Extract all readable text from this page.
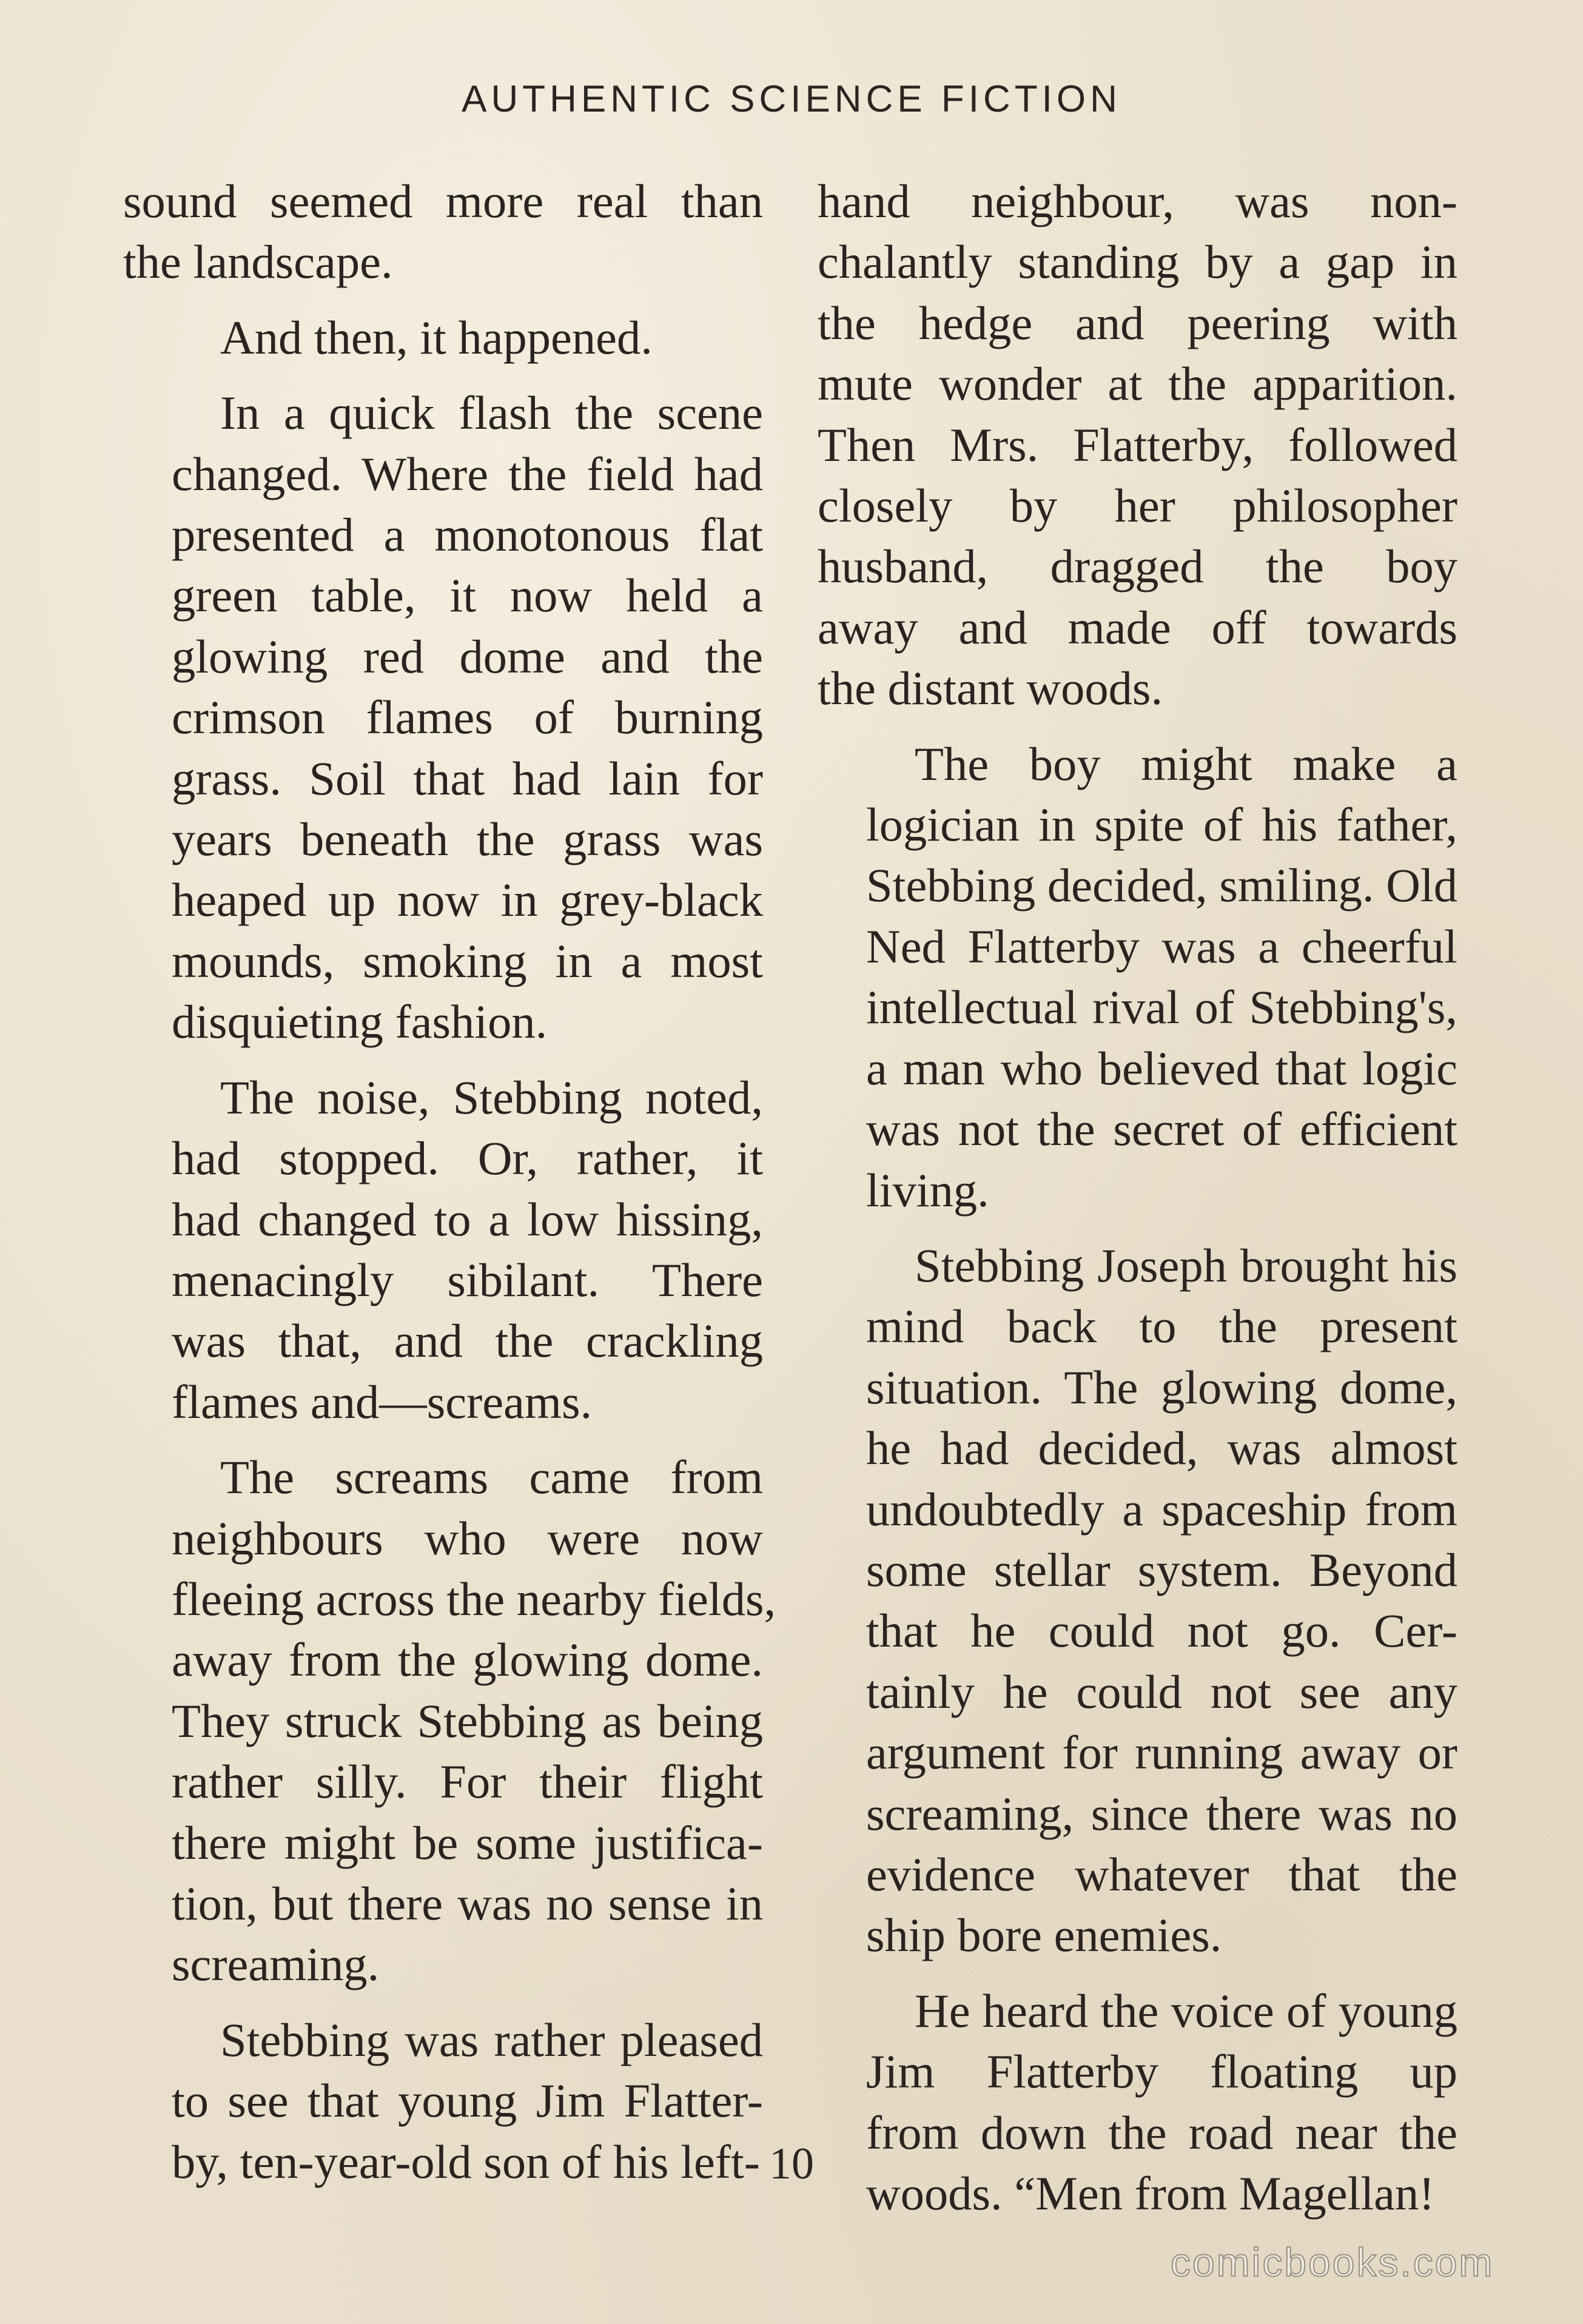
AUTHENTIC SCIENCE FICTION

sound seemed more real than
the landscape.

And then, it happened.

In a quick flash the scene
changed. Where the field had
presented a monotonous flat
green table, it now held a
glowing red dome and the
crimson flames of burning
grass. Soil that had lain for
years beneath the grass was
heaped up now in grey-black
mounds, smoking in a most
disquieting fashion.

The noise, Stebbing noted,
had stopped. Or, rather, it
had changed to a low hissing,
menacingly sibilant. There
was that, and the crackling
flames and—screams.

The screams came from
neighbours who were now
fleeing across the nearby fields,
away from the glowing dome.
They struck Stebbing as being
rather silly. For their flight
there might be some justifica-
tion, but there was no sense in
screaming.

Stebbing was rather pleased
to see that young Jim Flatter-
by, ten-year-old son of his left-

hand neighbour, was non-
chalantly standing by a gap in
the hedge and peering with
mute wonder at the apparition.
Then Mrs. Flatterby, followed
closely by her philosopher
husband, dragged the boy
away and made off towards
the distant woods.

The boy might make a
logician in spite of his father,
Stebbing decided, smiling. Old
Ned Flatterby was a cheerful
intellectual rival of Stebbing's,
a man who believed that logic
was not the secret of efficient
living.

Stebbing Joseph brought his
mind back to the present
situation. The glowing dome,
he had decided, was almost
undoubtedly a spaceship from
some stellar system. Beyond
that he could not go. Cer-
tainly he could not see any
argument for running away or
screaming, since there was no
evidence whatever that the
ship bore enemies.

He heard the voice of young
Jim Flatterby floating up
from down the road near the
woods. “Men from Magellan!

10
comicbooks.com
